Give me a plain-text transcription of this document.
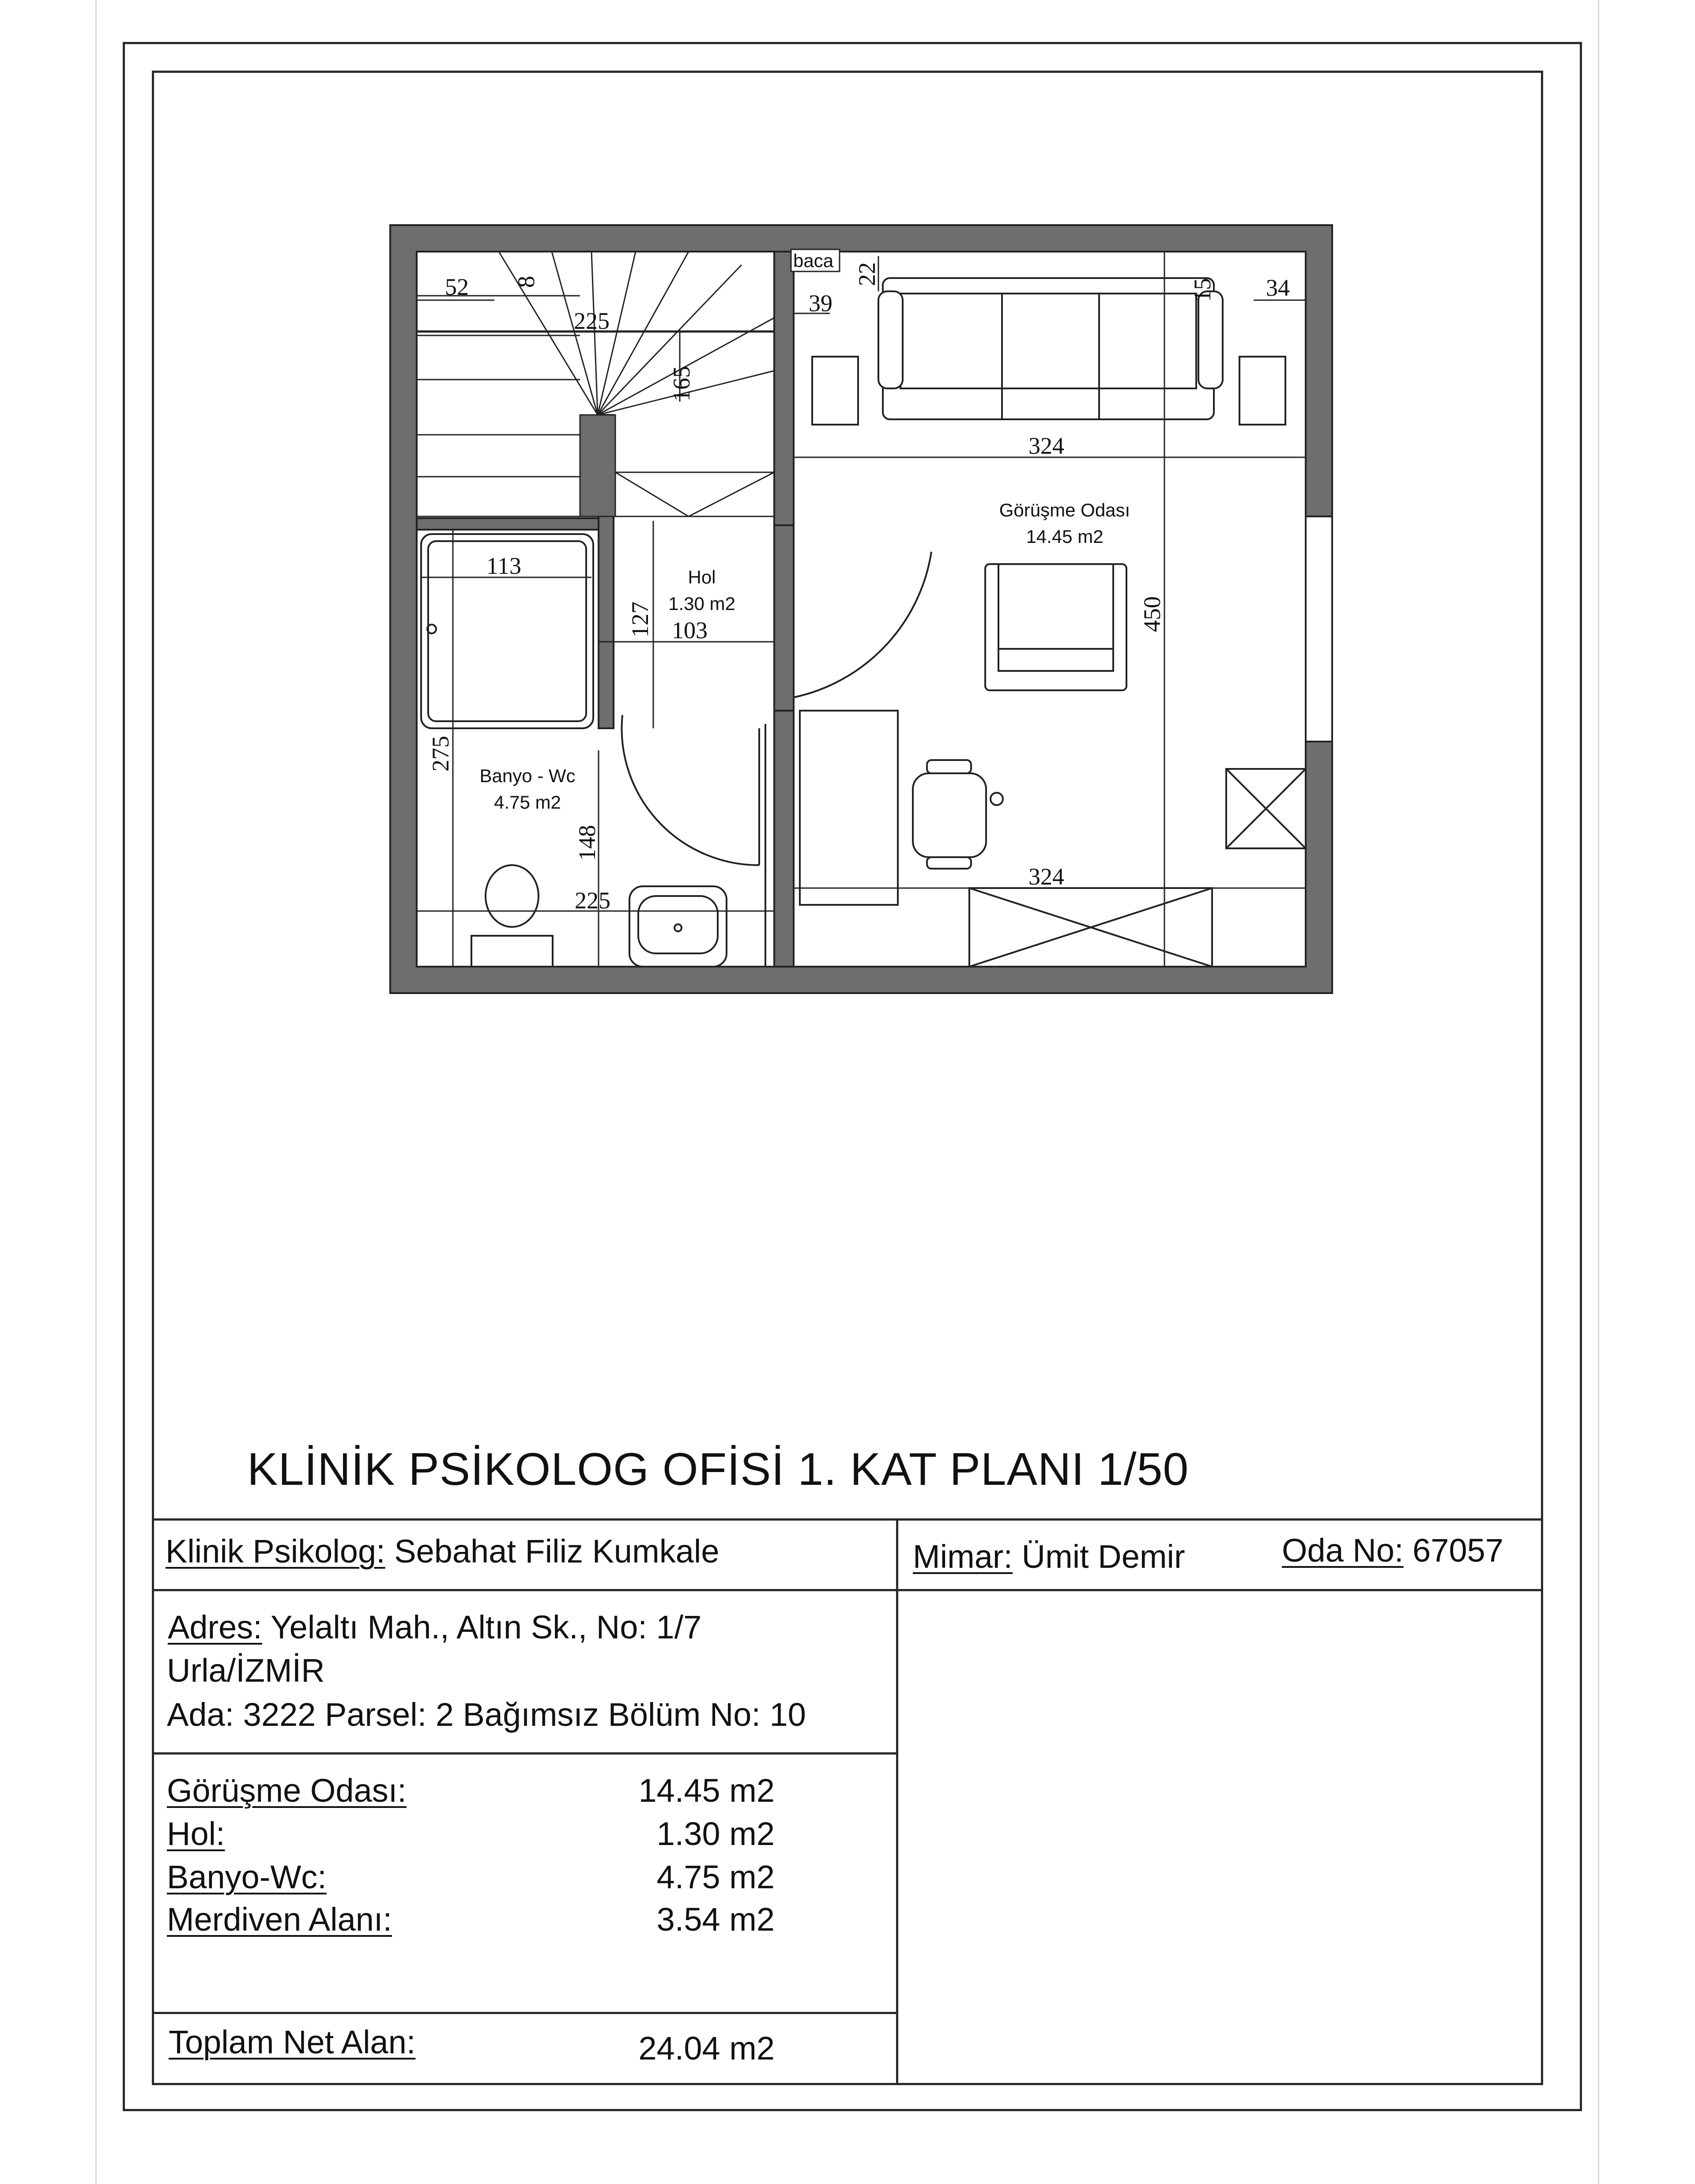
baca
Görüşme Odası
14.45 m2
Hol
1.30 m2
Banyo - Wc
4.75 m2
52 8
225
165
113
275
148
225
127 103
39
22
15 34
324
450
324
KLİNİK PSİKOLOG OFİSİ 1. KAT PLANI 1/50
Klinik Psikolog: Sebahat Filiz Kumkale	Mimar: Ümit Demir	Oda No: 67057
Adres: Yelaltı Mah., Altın Sk., No: 1/7
Urla/İZMİR
Ada: 3222 Parsel: 2 Bağımsız Bölüm No: 10
Görüşme Odası:	14.45 m2
Hol:	1.30 m2
Banyo-Wc:	4.75 m2
Merdiven Alanı:	3.54 m2
Toplam Net Alan:	24.04 m2
